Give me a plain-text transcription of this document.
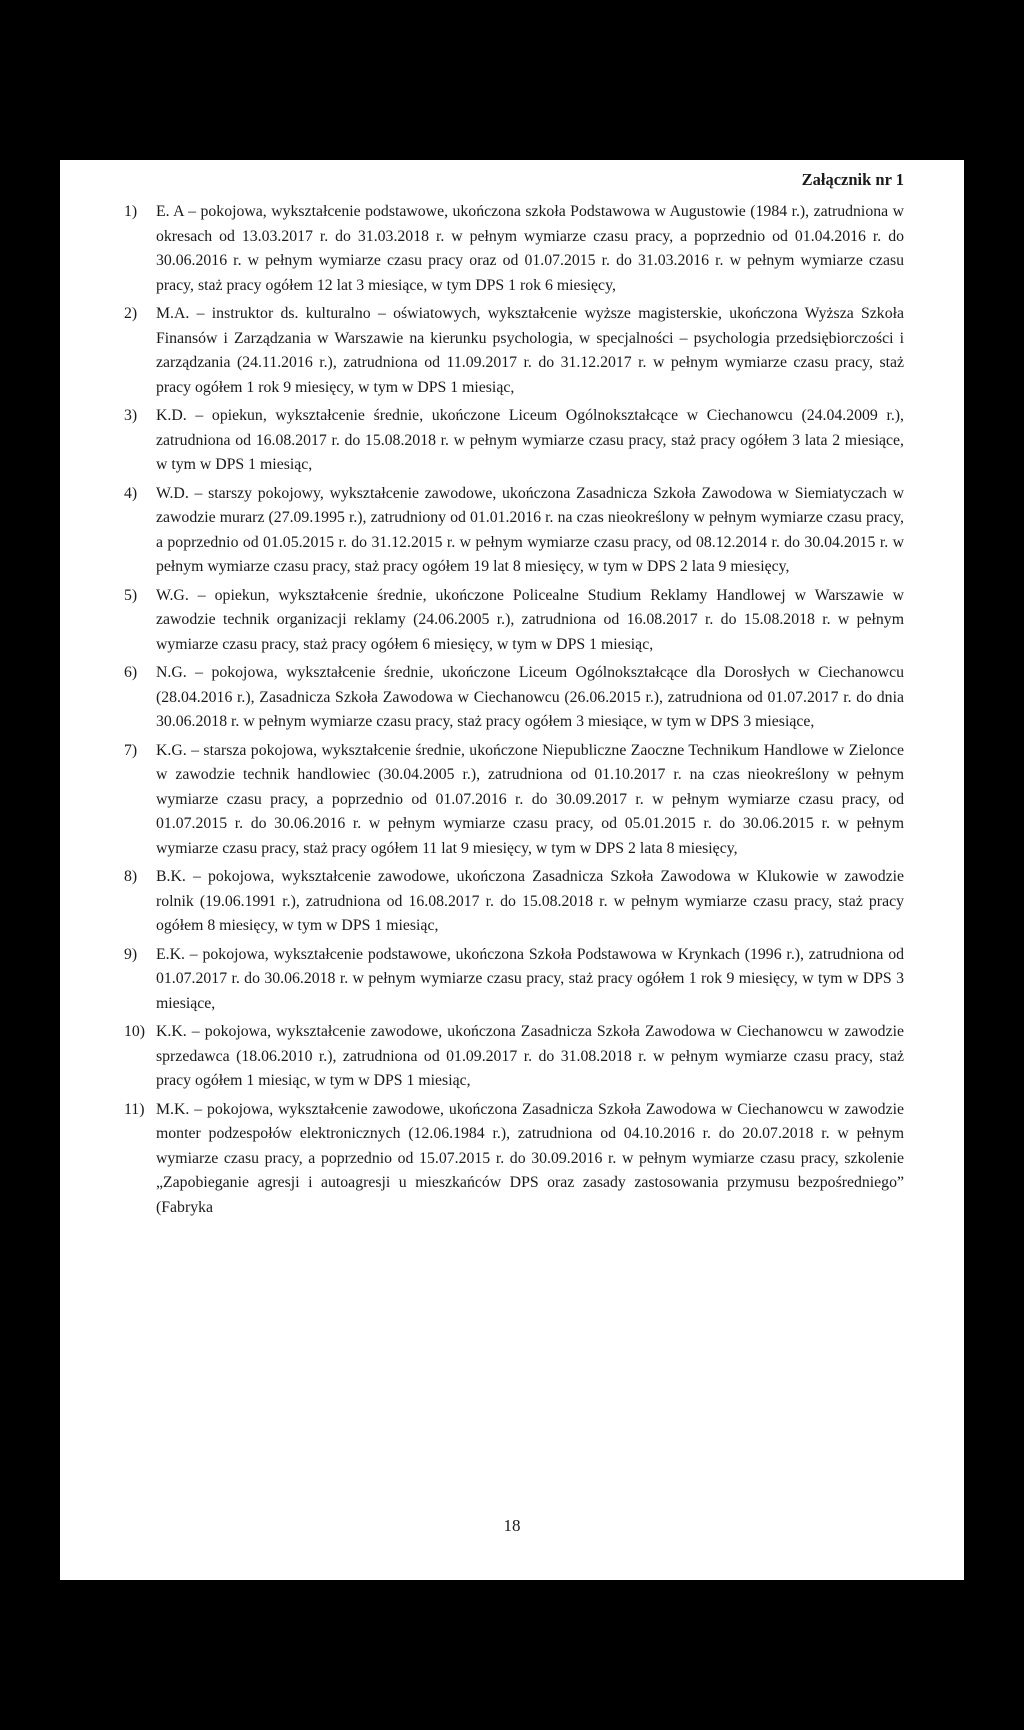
Załącznik nr 1
1) E. A – pokojowa, wykształcenie podstawowe, ukończona szkoła Podstawowa w Augustowie (1984 r.), zatrudniona w okresach od 13.03.2017 r. do 31.03.2018 r. w pełnym wymiarze czasu pracy, a poprzednio od 01.04.2016 r. do 30.06.2016 r. w pełnym wymiarze czasu pracy oraz od 01.07.2015 r. do 31.03.2016 r. w pełnym wymiarze czasu pracy, staż pracy ogółem 12 lat 3 miesiące, w tym DPS 1 rok 6 miesięcy,
2) M.A. – instruktor ds. kulturalno – oświatowych, wykształcenie wyższe magisterskie, ukończona Wyższa Szkoła Finansów i Zarządzania w Warszawie na kierunku psychologia, w specjalności – psychologia przedsiębiorczości i zarządzania (24.11.2016 r.), zatrudniona od 11.09.2017 r. do 31.12.2017 r. w pełnym wymiarze czasu pracy, staż pracy ogółem 1 rok 9 miesięcy, w tym w DPS 1 miesiąc,
3) K.D. – opiekun, wykształcenie średnie, ukończone Liceum Ogólnokształcące w Ciechanowcu (24.04.2009 r.), zatrudniona od 16.08.2017 r. do 15.08.2018 r. w pełnym wymiarze czasu pracy, staż pracy ogółem 3 lata 2 miesiące, w tym w DPS 1 miesiąc,
4) W.D. – starszy pokojowy, wykształcenie zawodowe, ukończona Zasadnicza Szkoła Zawodowa w Siemiatyczach w zawodzie murarz (27.09.1995 r.), zatrudniony od 01.01.2016 r. na czas nieokreślony w pełnym wymiarze czasu pracy, a poprzednio od 01.05.2015 r. do 31.12.2015 r. w pełnym wymiarze czasu pracy, od 08.12.2014 r. do 30.04.2015 r. w pełnym wymiarze czasu pracy, staż pracy ogółem 19 lat 8 miesięcy, w tym w DPS 2 lata 9 miesięcy,
5) W.G. – opiekun, wykształcenie średnie, ukończone Policealne Studium Reklamy Handlowej w Warszawie w zawodzie technik organizacji reklamy (24.06.2005 r.), zatrudniona od 16.08.2017 r. do 15.08.2018 r. w pełnym wymiarze czasu pracy, staż pracy ogółem 6 miesięcy, w tym w DPS 1 miesiąc,
6) N.G. – pokojowa, wykształcenie średnie, ukończone Liceum Ogólnokształcące dla Dorosłych w Ciechanowcu (28.04.2016 r.), Zasadnicza Szkoła Zawodowa w Ciechanowcu (26.06.2015 r.), zatrudniona od 01.07.2017 r. do dnia 30.06.2018 r. w pełnym wymiarze czasu pracy, staż pracy ogółem 3 miesiące, w tym w DPS 3 miesiące,
7) K.G. – starsza pokojowa, wykształcenie średnie, ukończone Niepubliczne Zaoczne Technikum Handlowe w Zielonce w zawodzie technik handlowiec (30.04.2005 r.), zatrudniona od 01.10.2017 r. na czas nieokreślony w pełnym wymiarze czasu pracy, a poprzednio od 01.07.2016 r. do 30.09.2017 r. w pełnym wymiarze czasu pracy, od 01.07.2015 r. do 30.06.2016 r. w pełnym wymiarze czasu pracy, od 05.01.2015 r. do 30.06.2015 r. w pełnym wymiarze czasu pracy, staż pracy ogółem 11 lat 9 miesięcy, w tym w DPS 2 lata 8 miesięcy,
8) B.K. – pokojowa, wykształcenie zawodowe, ukończona Zasadnicza Szkoła Zawodowa w Klukowie w zawodzie rolnik (19.06.1991 r.), zatrudniona od 16.08.2017 r. do 15.08.2018 r. w pełnym wymiarze czasu pracy, staż pracy ogółem 8 miesięcy, w tym w DPS 1 miesiąc,
9) E.K. – pokojowa, wykształcenie podstawowe, ukończona Szkoła Podstawowa w Krynkach (1996 r.), zatrudniona od 01.07.2017 r. do 30.06.2018 r. w pełnym wymiarze czasu pracy, staż pracy ogółem 1 rok 9 miesięcy, w tym w DPS 3 miesiące,
10) K.K. – pokojowa, wykształcenie zawodowe, ukończona Zasadnicza Szkoła Zawodowa w Ciechanowcu w zawodzie sprzedawca (18.06.2010 r.), zatrudniona od 01.09.2017 r. do 31.08.2018 r. w pełnym wymiarze czasu pracy, staż pracy ogółem 1 miesiąc, w tym w DPS 1 miesiąc,
11) M.K. – pokojowa, wykształcenie zawodowe, ukończona Zasadnicza Szkoła Zawodowa w Ciechanowcu w zawodzie monter podzespołów elektronicznych (12.06.1984 r.), zatrudniona od 04.10.2016 r. do 20.07.2018 r. w pełnym wymiarze czasu pracy, a poprzednio od 15.07.2015 r. do 30.09.2016 r. w pełnym wymiarze czasu pracy, szkolenie „Zapobieganie agresji i autoagresji u mieszkańców DPS oraz zasady zastosowania przymusu bezpośredniego” (Fabryka
18
